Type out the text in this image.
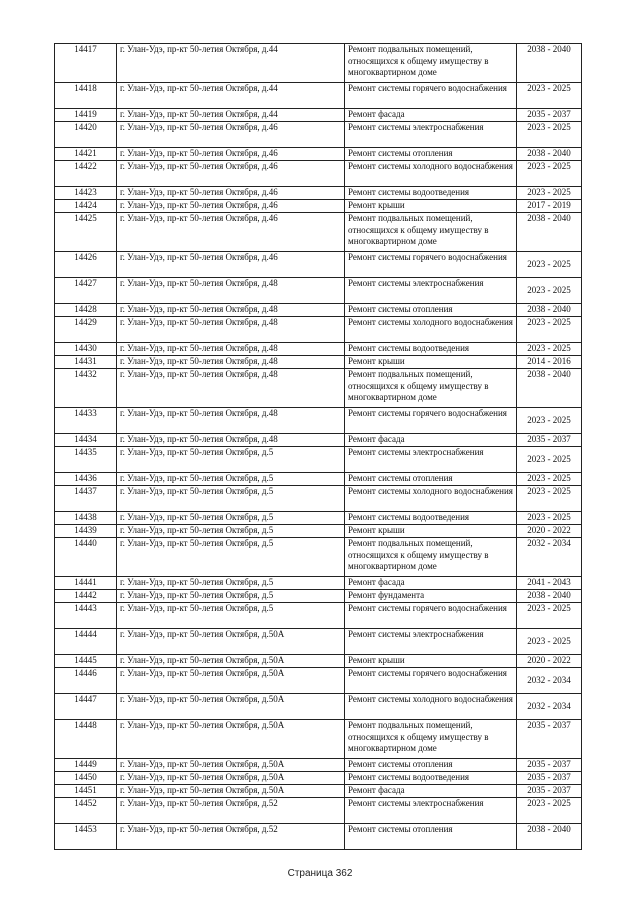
14417	г. Улан-Удэ, пр-кт 50-летия Октября, д.44	Ремонт подвальных помещений, относящихся к общему имуществу в многоквартирном доме	2038 - 2040
14418	г. Улан-Удэ, пр-кт 50-летия Октября, д.44	Ремонт системы горячего водоснабжения	2023 - 2025
14419	г. Улан-Удэ, пр-кт 50-летия Октября, д.44	Ремонт фасада	2035 - 2037
14420	г. Улан-Удэ, пр-кт 50-летия Октября, д.46	Ремонт системы электроснабжения	2023 - 2025
14421	г. Улан-Удэ, пр-кт 50-летия Октября, д.46	Ремонт системы отопления	2038 - 2040
14422	г. Улан-Удэ, пр-кт 50-летия Октября, д.46	Ремонт системы холодного водоснабжения	2023 - 2025
14423	г. Улан-Удэ, пр-кт 50-летия Октября, д.46	Ремонт системы водоотведения	2023 - 2025
14424	г. Улан-Удэ, пр-кт 50-летия Октября, д.46	Ремонт крыши	2017 - 2019
14425	г. Улан-Удэ, пр-кт 50-летия Октября, д.46	Ремонт подвальных помещений, относящихся к общему имуществу в многоквартирном доме	2038 - 2040
14426	г. Улан-Удэ, пр-кт 50-летия Октября, д.46	Ремонт системы горячего водоснабжения	2023 - 2025
14427	г. Улан-Удэ, пр-кт 50-летия Октября, д.48	Ремонт системы электроснабжения	2023 - 2025
14428	г. Улан-Удэ, пр-кт 50-летия Октября, д.48	Ремонт системы отопления	2038 - 2040
14429	г. Улан-Удэ, пр-кт 50-летия Октября, д.48	Ремонт системы холодного водоснабжения	2023 - 2025
14430	г. Улан-Удэ, пр-кт 50-летия Октября, д.48	Ремонт системы водоотведения	2023 - 2025
14431	г. Улан-Удэ, пр-кт 50-летия Октября, д.48	Ремонт крыши	2014 - 2016
14432	г. Улан-Удэ, пр-кт 50-летия Октября, д.48	Ремонт подвальных помещений, относящихся к общему имуществу в многоквартирном доме	2038 - 2040
14433	г. Улан-Удэ, пр-кт 50-летия Октября, д.48	Ремонт системы горячего водоснабжения	2023 - 2025
14434	г. Улан-Удэ, пр-кт 50-летия Октября, д.48	Ремонт фасада	2035 - 2037
14435	г. Улан-Удэ, пр-кт 50-летия Октября, д.5	Ремонт системы электроснабжения	2023 - 2025
14436	г. Улан-Удэ, пр-кт 50-летия Октября, д.5	Ремонт системы отопления	2023 - 2025
14437	г. Улан-Удэ, пр-кт 50-летия Октября, д.5	Ремонт системы холодного водоснабжения	2023 - 2025
14438	г. Улан-Удэ, пр-кт 50-летия Октября, д.5	Ремонт системы водоотведения	2023 - 2025
14439	г. Улан-Удэ, пр-кт 50-летия Октября, д.5	Ремонт крыши	2020 - 2022
14440	г. Улан-Удэ, пр-кт 50-летия Октября, д.5	Ремонт подвальных помещений, относящихся к общему имуществу в многоквартирном доме	2032 - 2034
14441	г. Улан-Удэ, пр-кт 50-летия Октября, д.5	Ремонт фасада	2041 - 2043
14442	г. Улан-Удэ, пр-кт 50-летия Октября, д.5	Ремонт фундамента	2038 - 2040
14443	г. Улан-Удэ, пр-кт 50-летия Октября, д.5	Ремонт системы горячего водоснабжения	2023 - 2025
14444	г. Улан-Удэ, пр-кт 50-летия Октября, д.50А	Ремонт системы электроснабжения	2023 - 2025
14445	г. Улан-Удэ, пр-кт 50-летия Октября, д.50А	Ремонт крыши	2020 - 2022
14446	г. Улан-Удэ, пр-кт 50-летия Октября, д.50А	Ремонт системы горячего водоснабжения	2032 - 2034
14447	г. Улан-Удэ, пр-кт 50-летия Октября, д.50А	Ремонт системы холодного водоснабжения	2032 - 2034
14448	г. Улан-Удэ, пр-кт 50-летия Октября, д.50А	Ремонт подвальных помещений, относящихся к общему имуществу в многоквартирном доме	2035 - 2037
14449	г. Улан-Удэ, пр-кт 50-летия Октября, д.50А	Ремонт системы отопления	2035 - 2037
14450	г. Улан-Удэ, пр-кт 50-летия Октября, д.50А	Ремонт системы водоотведения	2035 - 2037
14451	г. Улан-Удэ, пр-кт 50-летия Октября, д.50А	Ремонт фасада	2035 - 2037
14452	г. Улан-Удэ, пр-кт 50-летия Октября, д.52	Ремонт системы электроснабжения	2023 - 2025
14453	г. Улан-Удэ, пр-кт 50-летия Октября, д.52	Ремонт системы отопления	2038 - 2040
Страница 362
